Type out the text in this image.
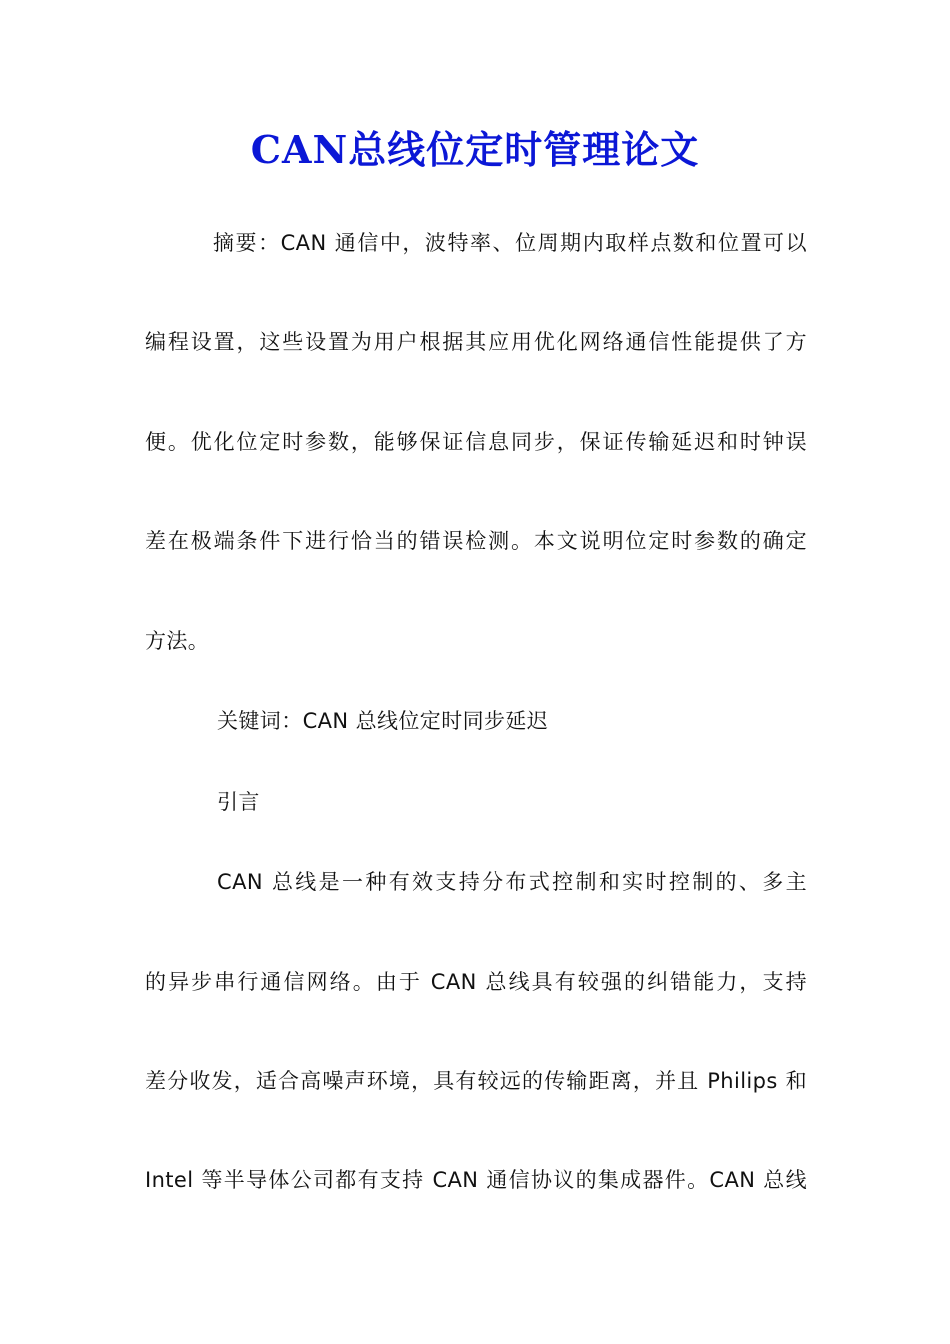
CAN总线位定时管理论文
摘要：CAN 通信中，波特率、位周期内取样点数和位置可以
编程设置，这些设置为用户根据其应用优化网络通信性能提供了方
便。优化位定时参数，能够保证信息同步，保证传输延迟和时钟误
差在极端条件下进行恰当的错误检测。本文说明位定时参数的确定
方法。
关键词：CAN 总线位定时同步延迟
引言
CAN 总线是一种有效支持分布式控制和实时控制的、多主
的异步串行通信网络。由于 CAN 总线具有较强的纠错能力，支持
差分收发，适合高噪声环境，具有较远的传输距离，并且 Philips 和
Intel 等半导体公司都有支持 CAN 通信协议的集成器件。CAN 总线
